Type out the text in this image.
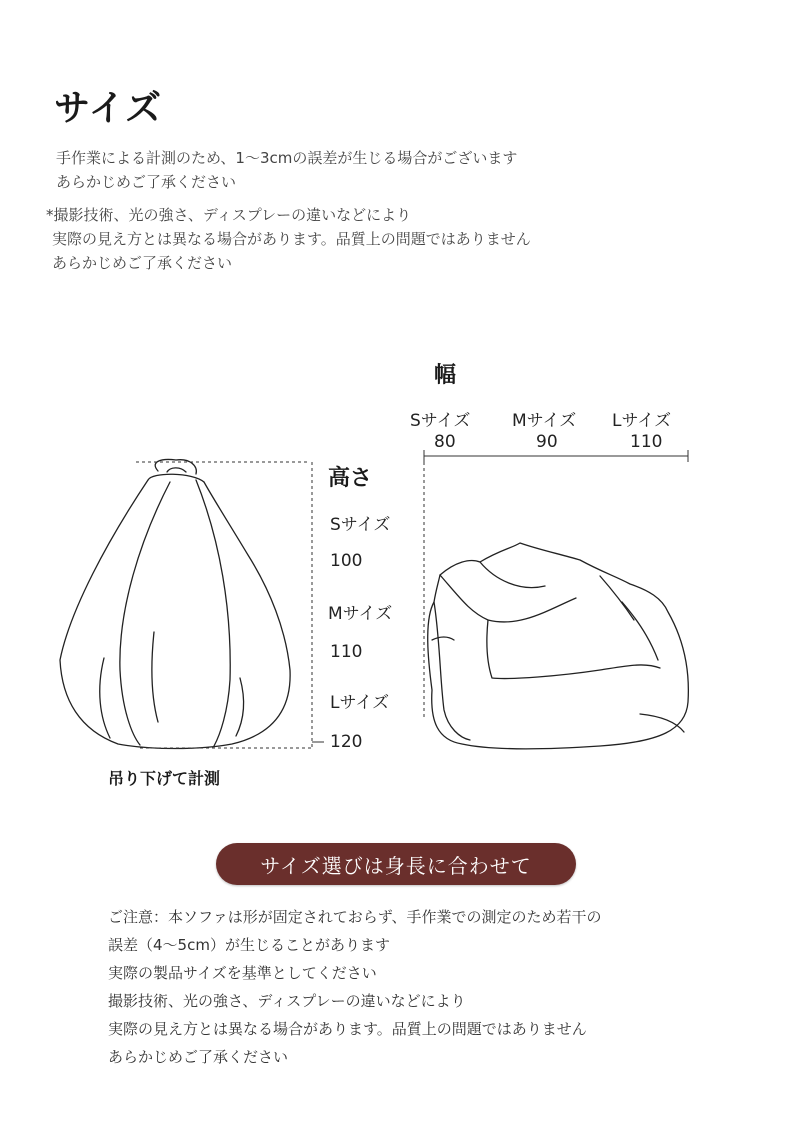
サイズ
手作業による計測のため、1～3cmの誤差が生じる場合がございます
あらかじめご了承ください
*撮影技術、光の強さ、ディスプレーの違いなどにより
実際の見え方とは異なる場合があります。品質上の問題ではありません
あらかじめご了承ください
幅
Sサイズ
80
Mサイズ
90
Lサイズ
110
高さ
Sサイズ
100
Mサイズ
110
Lサイズ
120
吊り下げて計測
サイズ選びは身長に合わせて
ご注意：本ソファは形が固定されておらず、手作業での測定のため若干の
誤差（4～5cm）が生じることがあります
実際の製品サイズを基準としてください
撮影技術、光の強さ、ディスプレーの違いなどにより
実際の見え方とは異なる場合があります。品質上の問題ではありません
あらかじめご了承ください
